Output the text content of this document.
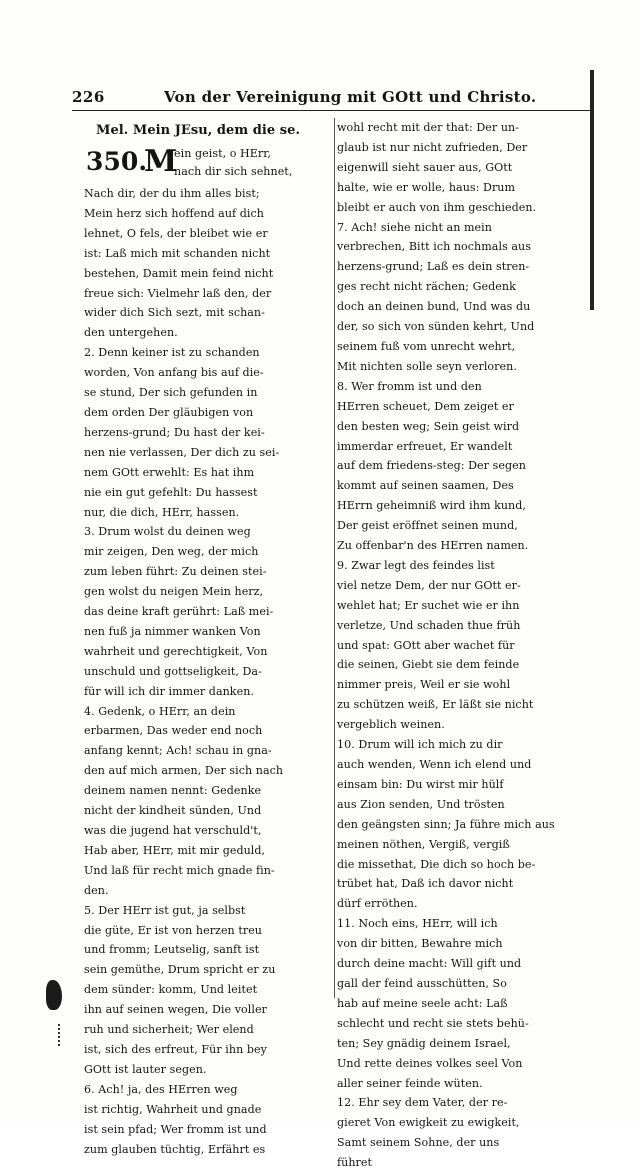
226	Von der Vereinigung mit GOtt und Christo.
Mel. Mein JEsu, dem die se.
350.
M
ein geist, o HErr,
nach dir sich sehnet,
Nach dir, der du ihm alles bist;
Mein herz sich hoffend auf dich
lehnet, O fels, der bleibet wie er
ist: Laß mich mit schanden nicht
bestehen, Damit mein feind nicht
freue sich: Vielmehr laß den, der
wider dich Sich sezt, mit schan-
den untergehen.
2. Denn keiner ist zu schanden
worden, Von anfang bis auf die-
se stund, Der sich gefunden in
dem orden Der gläubigen von
herzens-grund; Du hast der kei-
nen nie verlassen, Der dich zu sei-
nem GOtt erwehlt: Es hat ihm
nie ein gut gefehlt: Du hassest
nur, die dich, HErr, hassen.
3. Drum wolst du deinen weg
mir zeigen, Den weg, der mich
zum leben führt: Zu deinen stei-
gen wolst du neigen Mein herz,
das deine kraft gerührt: Laß mei-
nen fuß ja nimmer wanken Von
wahrheit und gerechtigkeit, Von
unschuld und gottseligkeit, Da-
für will ich dir immer danken.
4. Gedenk, o HErr, an dein
erbarmen, Das weder end noch
anfang kennt; Ach! schau in gna-
den auf mich armen, Der sich nach
deinem namen nennt: Gedenke
nicht der kindheit sünden, Und
was die jugend hat verschuld't,
Hab aber, HErr, mit mir geduld,
Und laß für recht mich gnade fin-
den.
5. Der HErr ist gut, ja selbst
die güte, Er ist von herzen treu
und fromm; Leutselig, sanft ist
sein gemüthe, Drum spricht er zu
dem sünder: komm, Und leitet
ihn auf seinen wegen, Die voller
ruh und sicherheit; Wer elend
ist, sich des erfreut, Für ihn bey
GOtt ist lauter segen.
6. Ach! ja, des HErren weg
ist richtig, Wahrheit und gnade
ist sein pfad; Wer fromm ist und
zum glauben tüchtig, Erfährt es
wohl recht mit der that: Der un-
glaub ist nur nicht zufrieden, Der
eigenwill sieht sauer aus, GOtt
halte, wie er wolle, haus: Drum
bleibt er auch von ihm geschieden.
7. Ach! siehe nicht an mein
verbrechen, Bitt ich nochmals aus
herzens-grund; Laß es dein stren-
ges recht nicht rächen; Gedenk
doch an deinen bund, Und was du
der, so sich von sünden kehrt, Und
seinem fuß vom unrecht wehrt,
Mit nichten solle seyn verloren.
8. Wer fromm ist und den
HErren scheuet, Dem zeiget er
den besten weg; Sein geist wird
immerdar erfreuet, Er wandelt
auf dem friedens-steg: Der segen
kommt auf seinen saamen, Des
HErrn geheimniß wird ihm kund,
Der geist eröffnet seinen mund,
Zu offenbar'n des HErren namen.
9. Zwar legt des feindes list
viel netze Dem, der nur GOtt er-
wehlet hat; Er suchet wie er ihn
verletze, Und schaden thue früh
und spat: GOtt aber wachet für
die seinen, Giebt sie dem feinde
nimmer preis, Weil er sie wohl
zu schützen weiß, Er läßt sie nicht
vergeblich weinen.
10. Drum will ich mich zu dir
auch wenden, Wenn ich elend und
einsam bin: Du wirst mir hülf
aus Zion senden, Und trösten
den geängsten sinn; Ja führe mich aus
meinen nöthen, Vergiß, vergiß
die missethat, Die dich so hoch be-
trübet hat, Daß ich davor nicht
dürf erröthen.
11. Noch eins, HErr, will ich
von dir bitten, Bewahre mich
durch deine macht: Will gift und
gall der feind ausschütten, So
hab auf meine seele acht: Laß
schlecht und recht sie stets behü-
ten; Sey gnädig deinem Israel,
Und rette deines volkes seel Von
aller seiner feinde wüten.
12. Ehr sey dem Vater, der re-
gieret Von ewigkeit zu ewigkeit,
Samt seinem Sohne, der uns
führet
